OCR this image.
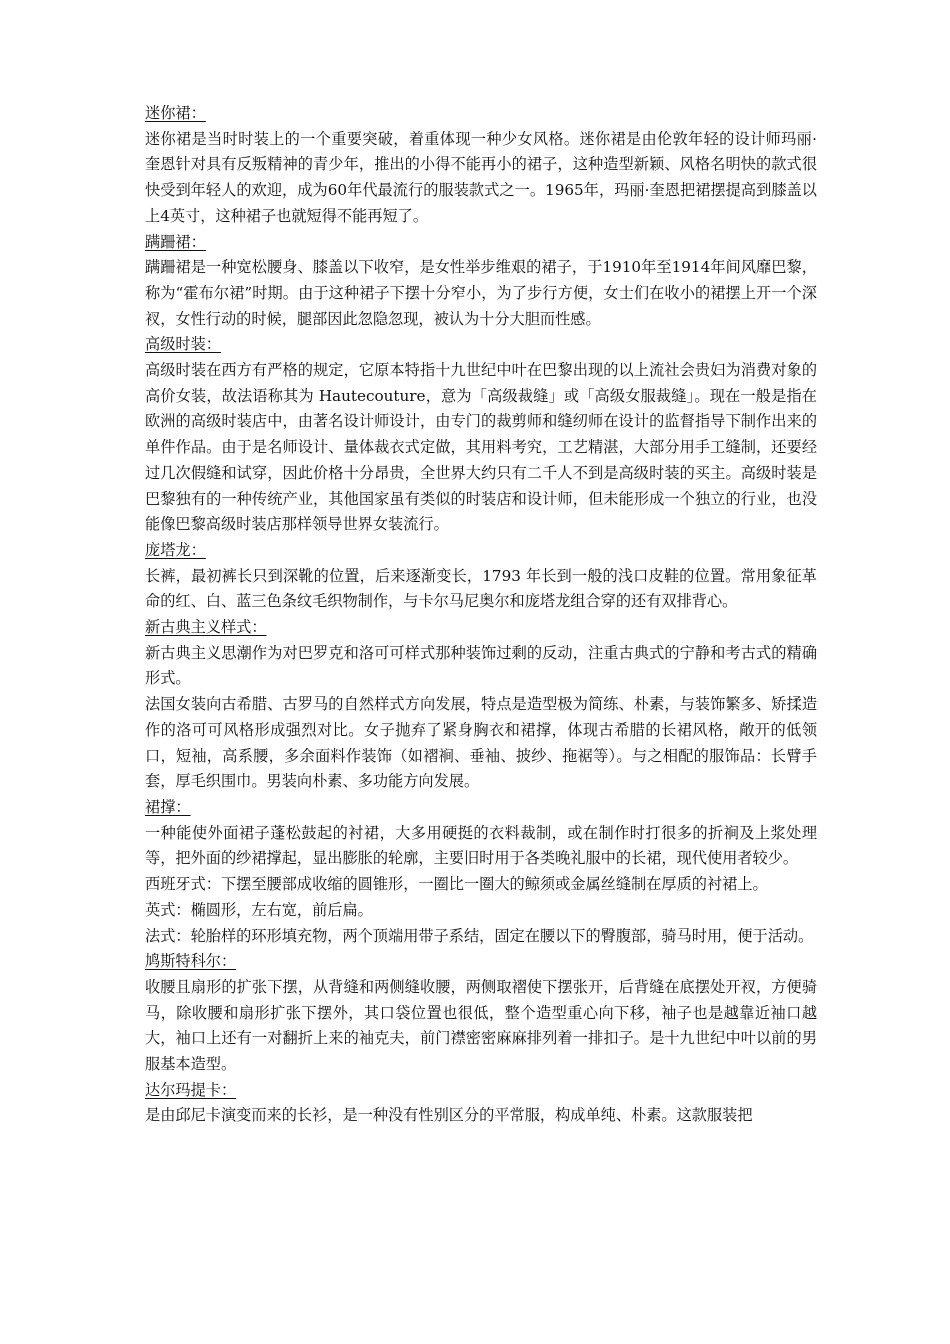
迷你裙：

迷你裙是当时时装上的一个重要突破，着重体现一种少女风格。迷你裙是由伦敦年轻的设计师玛丽·奎恩针对具有反叛精神的青少年，推出的小得不能再小的裙子，这种造型新颖、风格名明快的款式很快受到年轻人的欢迎，成为60年代最流行的服装款式之一。1965年，玛丽·奎恩把裙摆提高到膝盖以上4英寸，这种裙子也就短得不能再短了。

蹒跚裙：

蹒跚裙是一种宽松腰身、膝盖以下收窄，是女性举步维艰的裙子，于1910年至1914年间风靡巴黎，称为“霍布尔裙”时期。由于这种裙子下摆十分窄小，为了步行方便，女士们在收小的裙摆上开一个深衩，女性行动的时候，腿部因此忽隐忽现，被认为十分大胆而性感。

高级时装：

高级时装在西方有严格的规定，它原本特指十九世纪中叶在巴黎出现的以上流社会贵妇为消费对象的高价女装，故法语称其为 Hautecouture，意为「高级裁缝」或「高级女服裁缝」。现在一般是指在欧洲的高级时装店中，由著名设计师设计，由专门的裁剪师和缝纫师在设计的监督指导下制作出来的单件作品。由于是名师设计、量体裁衣式定做，其用料考究，工艺精湛，大部分用手工缝制，还要经过几次假缝和试穿，因此价格十分昂贵，全世界大约只有二千人不到是高级时装的买主。高级时装是巴黎独有的一种传统产业，其他国家虽有类似的时装店和设计师，但未能形成一个独立的行业，也没能像巴黎高级时装店那样领导世界女装流行。

庞塔龙：

长裤，最初裤长只到深靴的位置，后来逐渐变长，1793 年长到一般的浅口皮鞋的位置。常用象征革命的红、白、蓝三色条纹毛织物制作，与卡尔马尼奥尔和庞塔龙组合穿的还有双排背心。

新古典主义样式：

新古典主义思潮作为对巴罗克和洛可可样式那种装饰过剩的反动，注重古典式的宁静和考古式的精确形式。

法国女装向古希腊、古罗马的自然样式方向发展，特点是造型极为简练、朴素，与装饰繁多、矫揉造作的洛可可风格形成强烈对比。女子抛弃了紧身胸衣和裙撑，体现古希腊的长裙风格，敞开的低领口，短袖，高系腰，多余面料作装饰（如褶裥、垂袖、披纱、拖裾等）。与之相配的服饰品：长臂手套，厚毛织围巾。男装向朴素、多功能方向发展。

裙撑：

一种能使外面裙子蓬松鼓起的衬裙，大多用硬挺的衣料裁制，或在制作时打很多的折裥及上浆处理等，把外面的纱裙撑起，显出膨胀的轮廓，主要旧时用于各类晚礼服中的长裙，现代使用者较少。

西班牙式：下摆至腰部成收缩的圆锥形，一圈比一圈大的鲸须或金属丝缝制在厚质的衬裙上。

英式：椭圆形，左右宽，前后扁。

法式：轮胎样的环形填充物，两个顶端用带子系结，固定在腰以下的臀腹部，骑马时用，便于活动。

鸠斯特科尔：

收腰且扇形的扩张下摆，从背缝和两侧缝收腰，两侧取褶使下摆张开，后背缝在底摆处开衩，方便骑马，除收腰和扇形扩张下摆外，其口袋位置也很低，整个造型重心向下移，袖子也是越靠近袖口越大，袖口上还有一对翻折上来的袖克夫，前门襟密密麻麻排列着一排扣子。是十九世纪中叶以前的男服基本造型。

达尔玛提卡：

是由邱尼卡演变而来的长衫，是一种没有性别区分的平常服，构成单纯、朴素。这款服装把
